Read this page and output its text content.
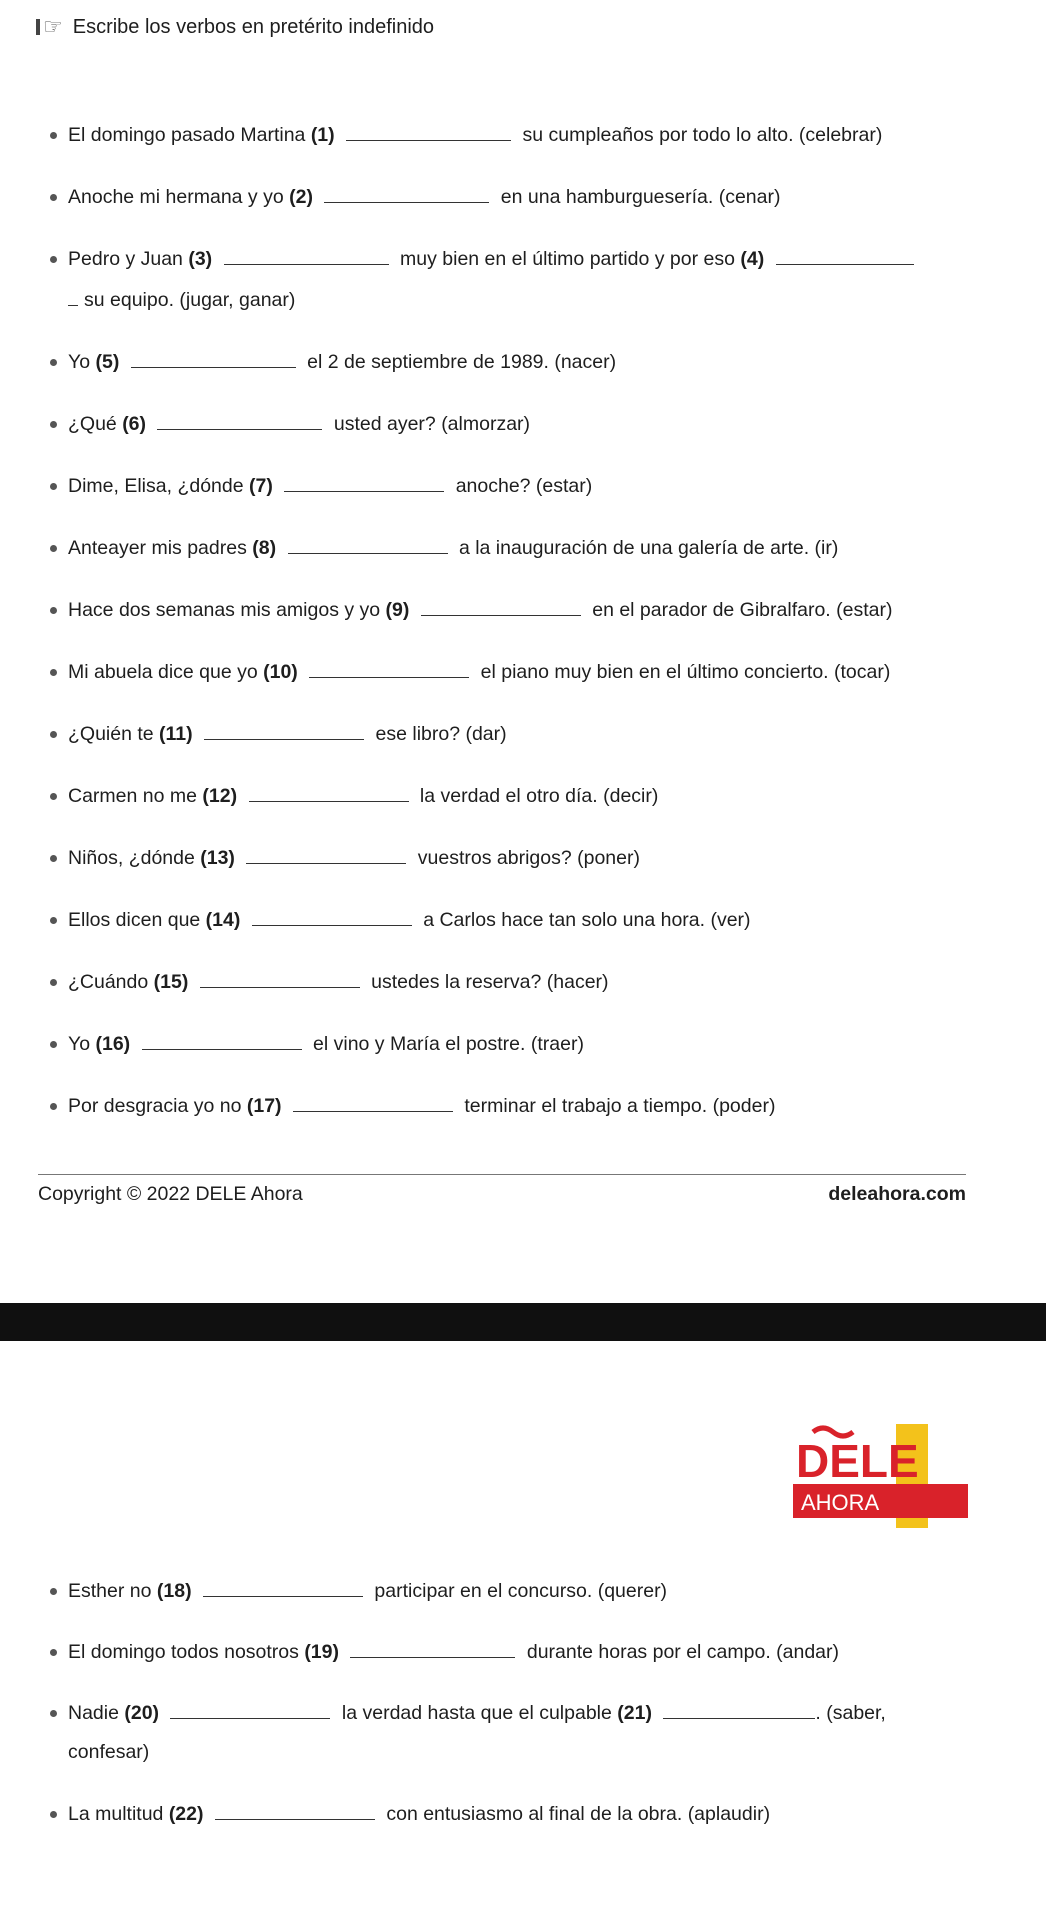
☞ Escribe los verbos en pretérito indefinido
El domingo pasado Martina (1)	su cumpleaños por todo lo alto. (celebrar)
Anoche mi hermana y yo (2)	en una hamburguesería. (cenar)
Pedro y Juan (3)	muy bien en el último partido y por eso (4)
su equipo. (jugar, ganar)
Yo (5)	el 2 de septiembre de 1989. (nacer)
¿Qué (6)	usted ayer? (almorzar)
Dime, Elisa, ¿dónde (7)	anoche? (estar)
Anteayer mis padres (8)	a la inauguración de una galería de arte. (ir)
Hace dos semanas mis amigos y yo (9)	en el parador de Gibralfaro. (estar)
Mi abuela dice que yo (10)	el piano muy bien en el último concierto. (tocar)
¿Quién te (11)	ese libro? (dar)
Carmen no me (12)	la verdad el otro día. (decir)
Niños, ¿dónde (13)	vuestros abrigos? (poner)
Ellos dicen que (14)	a Carlos hace tan solo una hora. (ver)
¿Cuándo (15)	ustedes la reserva? (hacer)
Yo (16)	el vino y María el postre. (traer)
Por desgracia yo no (17)	terminar el trabajo a tiempo. (poder)
Copyright © 2022 DELE Ahora	deleahora.com
DELE
AHORA
Esther no (18)	participar en el concurso. (querer)
El domingo todos nosotros (19)	durante horas por el campo. (andar)
Nadie (20)	la verdad hasta que el culpable (21)	. (saber,
confesar)
La multitud (22)	con entusiasmo al final de la obra. (aplaudir)
